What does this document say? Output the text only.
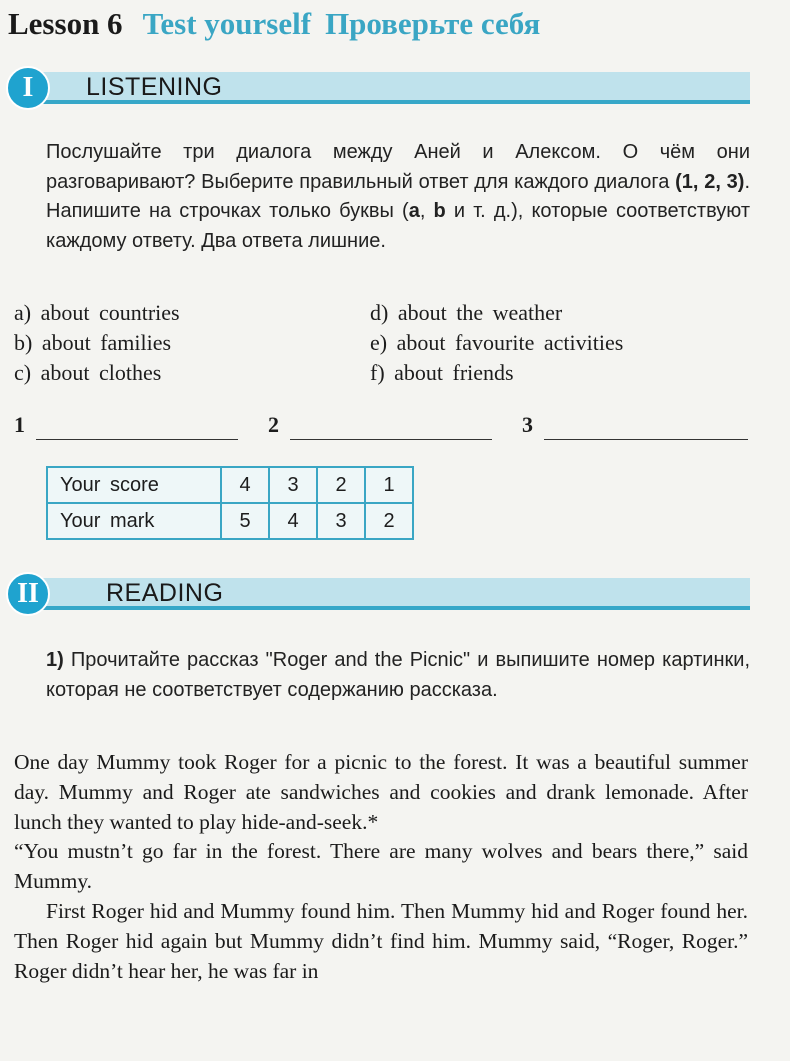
Lesson 6 Test yourself Проверьте себя
I	LISTENING
Послушайте три диалога между Аней и Алексом. О чём они разговаривают? Выберите правильный ответ для каждого диалога (1, 2, 3). Напишите на строчках только буквы (a, b и т. д.), которые соответствуют каждому ответу. Два ответа лишние.
a) about countries
b) about families
c) about clothes
d) about the weather
e) about favourite activities
f) about friends
1	2	3
Your score	4	3	2	1
Your mark	5	4	3	2
II	READING
1) Прочитайте рассказ "Roger and the Picnic" и выпишите номер картинки, которая не соответствует содержанию рассказа.

One day Mummy took Roger for a picnic to the forest. It was a beautiful summer day. Mummy and Roger ate sandwiches and cookies and drank lemonade. After lunch they wanted to play hide-and-seek.*

“You mustn’t go far in the forest. There are many wolves and bears there,” said Mummy.

First Roger hid and Mummy found him. Then Mummy hid and Roger found her. Then Roger hid again but Mummy didn’t find him. Mummy said, “Roger, Roger.” Roger didn’t hear her, he was far in
